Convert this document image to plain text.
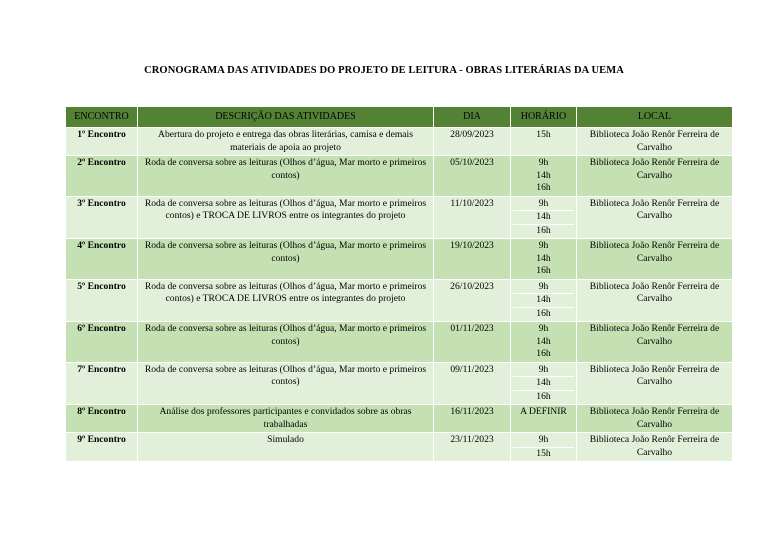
CRONOGRAMA DAS ATIVIDADES DO PROJETO DE LEITURA - OBRAS LITERÁRIAS DA UEMA
ENCONTRO	DESCRIÇÃO DAS ATIVIDADES	DIA	HORÁRIO	LOCAL
1º Encontro	Abertura do projeto e entrega das obras literárias, camisa e demais materiais de apoia ao projeto	28/09/2023	15h	Biblioteca João Renôr Ferreira de Carvalho
2º Encontro	Roda de conversa sobre as leituras (Olhos d’água, Mar morto e primeiros contos)	05/10/2023	9h
14h
16h	Biblioteca João Renôr Ferreira de Carvalho
3º Encontro	Roda de conversa sobre as leituras (Olhos d’água, Mar morto e primeiros contos) e TROCA DE LIVROS entre os integrantes do projeto	11/10/2023	9h
14h
16h	Biblioteca João Renôr Ferreira de Carvalho
4º Encontro	Roda de conversa sobre as leituras (Olhos d’água, Mar morto e primeiros contos)	19/10/2023	9h
14h
16h	Biblioteca João Renôr Ferreira de Carvalho
5º Encontro	Roda de conversa sobre as leituras (Olhos d’água, Mar morto e primeiros contos) e TROCA DE LIVROS entre os integrantes do projeto	26/10/2023	9h
14h
16h	Biblioteca João Renôr Ferreira de Carvalho
6º Encontro	Roda de conversa sobre as leituras (Olhos d’água, Mar morto e primeiros contos)	01/11/2023	9h
14h
16h	Biblioteca João Renôr Ferreira de Carvalho
7º Encontro	Roda de conversa sobre as leituras (Olhos d’água, Mar morto e primeiros contos)	09/11/2023	9h
14h
16h	Biblioteca João Renôr Ferreira de Carvalho
8º Encontro	Análise dos professores participantes e convidados sobre as obras trabalhadas	16/11/2023	A DEFINIR	Biblioteca João Renôr Ferreira de Carvalho
9º Encontro	Simulado	23/11/2023	9h
15h	Biblioteca João Renôr Ferreira de Carvalho
